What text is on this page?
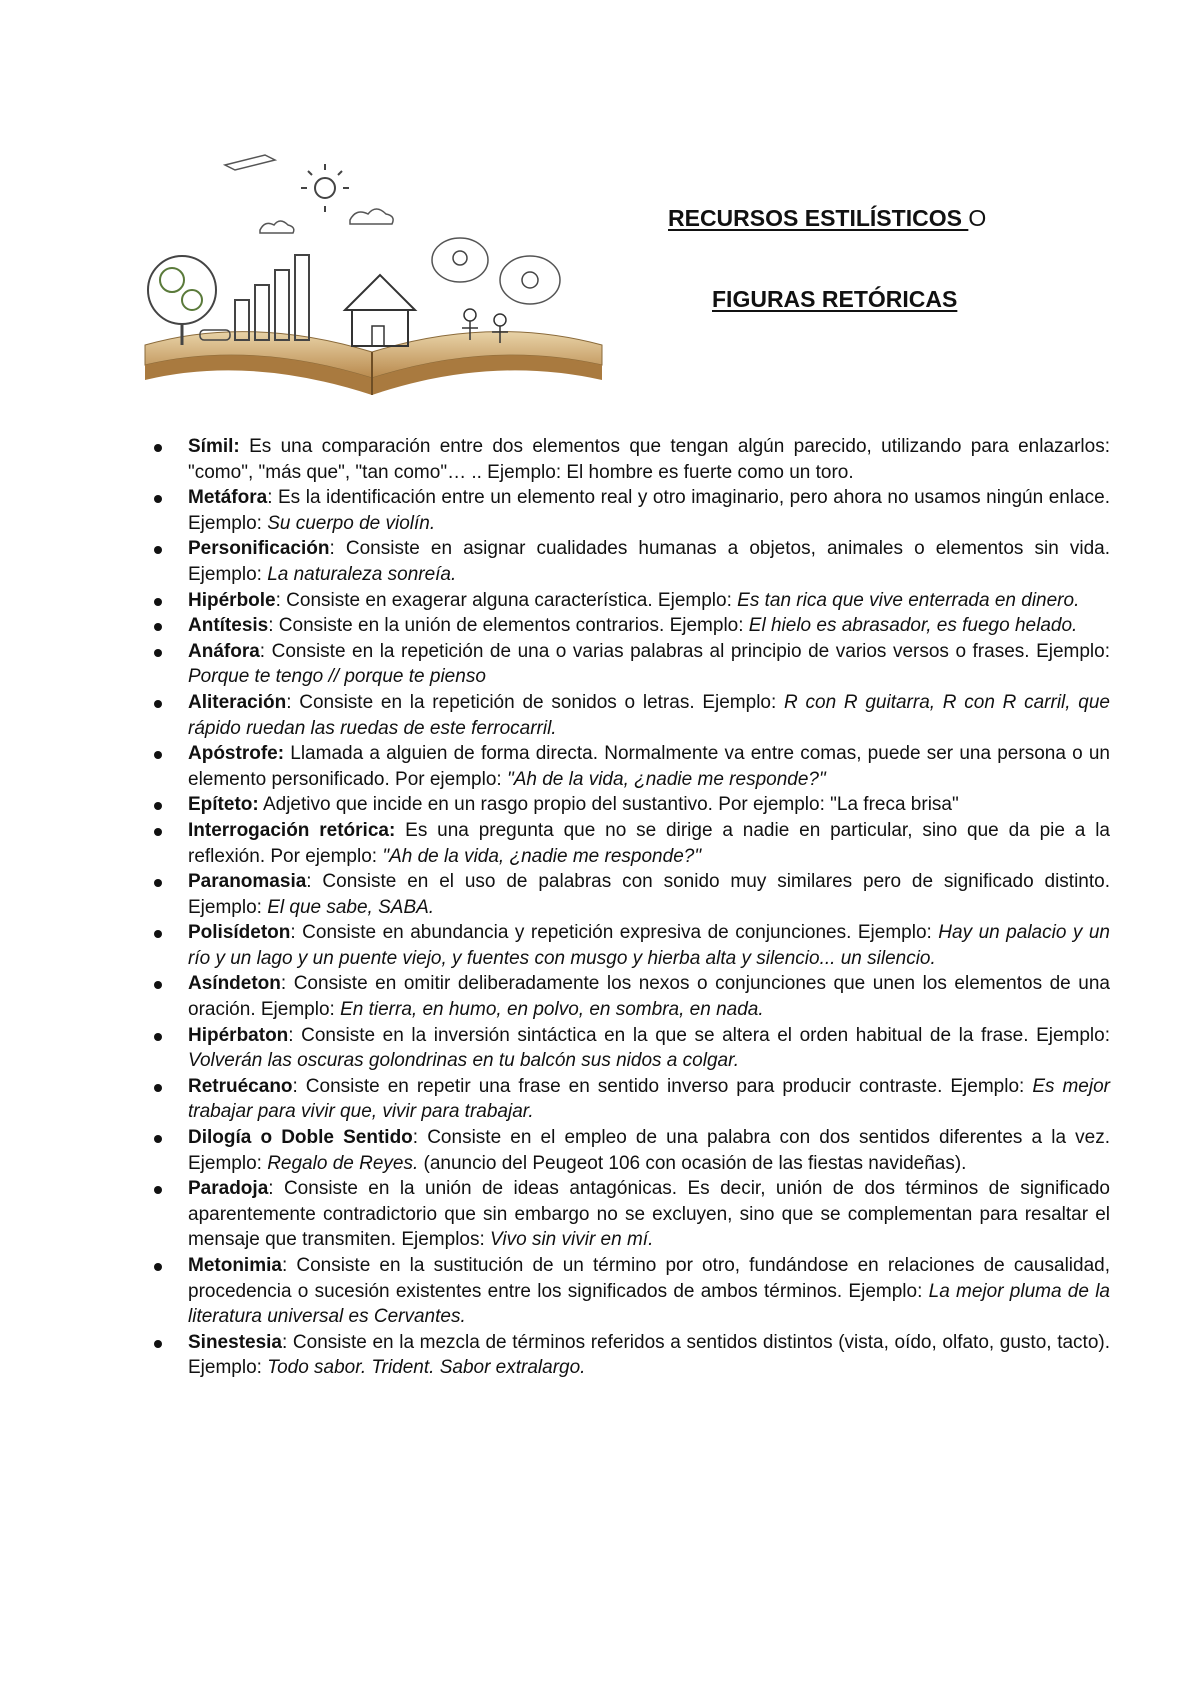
RECURSOS ESTILÍSTICOS O

FIGURAS RETÓRICAS

Símil: Es una comparación entre dos elementos que tengan algún parecido, utilizando para enlazarlos: "como", "más que", "tan como"… .. Ejemplo: El hombre es fuerte como un toro.
Metáfora: Es la identificación entre un elemento real y otro imaginario, pero ahora no usamos ningún enlace. Ejemplo: Su cuerpo de violín.
Personificación: Consiste en asignar cualidades humanas a objetos, animales o elementos sin vida. Ejemplo: La naturaleza sonreía.
Hipérbole: Consiste en exagerar alguna característica. Ejemplo: Es tan rica que vive enterrada en dinero.
Antítesis: Consiste en la unión de elementos contrarios. Ejemplo: El hielo es abrasador, es fuego helado.
Anáfora: Consiste en la repetición de una o varias palabras al principio de varios versos o frases. Ejemplo: Porque te tengo // porque te pienso
Aliteración: Consiste en la repetición de sonidos o letras. Ejemplo: R con R guitarra, R con R carril, que rápido ruedan las ruedas de este ferrocarril.
Apóstrofe: Llamada a alguien de forma directa. Normalmente va entre comas, puede ser una persona o un elemento personificado. Por ejemplo: "Ah de la vida, ¿nadie me responde?"
Epíteto: Adjetivo que incide en un rasgo propio del sustantivo. Por ejemplo: "La freca brisa"
Interrogación retórica: Es una pregunta que no se dirige a nadie en particular, sino que da pie a la reflexión. Por ejemplo: "Ah de la vida, ¿nadie me responde?"
Paranomasia: Consiste en el uso de palabras con sonido muy similares pero de significado distinto. Ejemplo: El que sabe, SABA.
Polisídeton: Consiste en abundancia y repetición expresiva de conjunciones. Ejemplo: Hay un palacio y un río y un lago y un puente viejo, y fuentes con musgo y hierba alta y silencio... un silencio.
Asíndeton: Consiste en omitir deliberadamente los nexos o conjunciones que unen los elementos de una oración. Ejemplo: En tierra, en humo, en polvo, en sombra, en nada.
Hipérbaton: Consiste en la inversión sintáctica en la que se altera el orden habitual de la frase. Ejemplo: Volverán las oscuras golondrinas en tu balcón sus nidos a colgar.
Retruécano: Consiste en repetir una frase en sentido inverso para producir contraste. Ejemplo: Es mejor trabajar para vivir que, vivir para trabajar.
Dilogía o Doble Sentido: Consiste en el empleo de una palabra con dos sentidos diferentes a la vez. Ejemplo: Regalo de Reyes. (anuncio del Peugeot 106 con ocasión de las fiestas navideñas).
Paradoja: Consiste en la unión de ideas antagónicas. Es decir, unión de dos términos de significado aparentemente contradictorio que sin embargo no se excluyen, sino que se complementan para resaltar el mensaje que transmiten. Ejemplos: Vivo sin vivir en mí.
Metonimia: Consiste en la sustitución de un término por otro, fundándose en relaciones de causalidad, procedencia o sucesión existentes entre los significados de ambos términos. Ejemplo: La mejor pluma de la literatura universal es Cervantes.
Sinestesia: Consiste en la mezcla de términos referidos a sentidos distintos (vista, oído, olfato, gusto, tacto). Ejemplo: Todo sabor. Trident. Sabor extralargo.
